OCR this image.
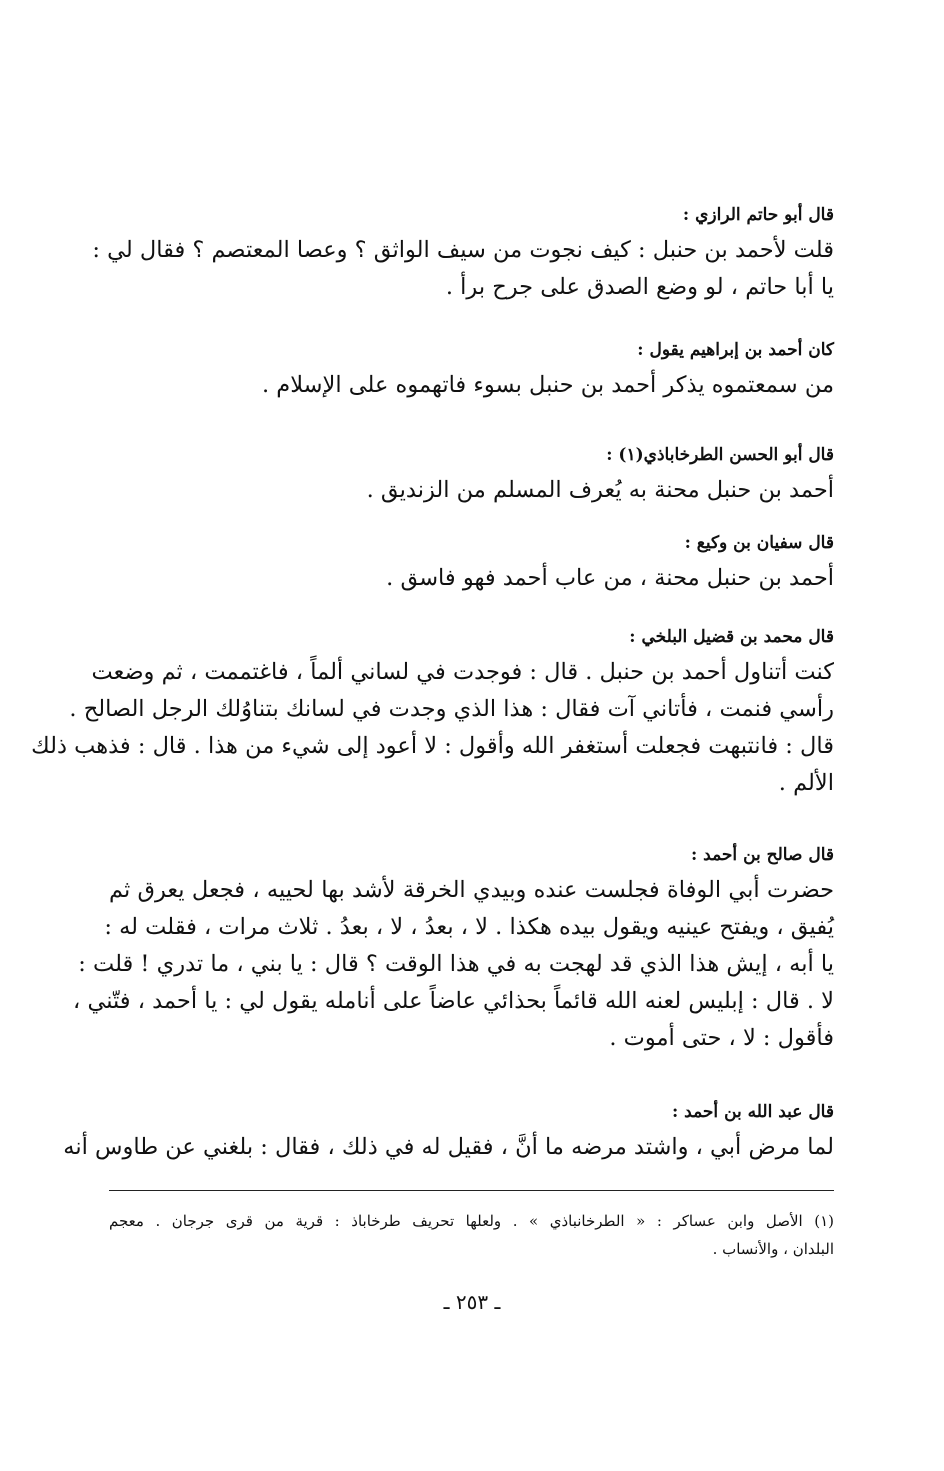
قال أبو حاتم الرازي :
قلت لأحمد بن حنبل : كيف نجوت من سيف الواثق ؟ وعصا المعتصم ؟ فقال لي :
يا أبا حاتم ، لو وضع الصدق على جرح برأ .
كان أحمد بن إبراهيم يقول :
من سمعتموه يذكر أحمد بن حنبل بسوء فاتهموه على الإسلام .
قال أبو الحسن الطرخاباذي(١) :
أحمد بن حنبل محنة به يُعرف المسلم من الزنديق .
قال سفيان بن وكيع :
أحمد بن حنبل محنة ، من عاب أحمد فهو فاسق .
قال محمد بن قضيل البلخي :
كنت أتناول أحمد بن حنبل . قال : فوجدت في لساني ألماً ، فاغتممت ، ثم وضعت
رأسي فنمت ، فأتاني آت فقال : هذا الذي وجدت في لسانك بتناوُلك الرجل الصالح .
قال : فانتبهت فجعلت أستغفر الله وأقول : لا أعود إلى شيء من هذا . قال : فذهب ذلك
الألم .
قال صالح بن أحمد :
حضرت أبي الوفاة فجلست عنده وبيدي الخرقة لأشد بها لحييه ، فجعل يعرق ثم
يُفيق ، ويفتح عينيه ويقول بيده هكذا . لا ، بعدُ ، لا ، بعدُ . ثلاث مرات ، فقلت له :
يا أبه ، إيش هذا الذي قد لهجت به في هذا الوقت ؟ قال : يا بني ، ما تدري ! قلت :
لا . قال : إبليس لعنه الله قائماً بحذائي عاضاً على أنامله يقول لي : يا أحمد ، فتّني ،
فأقول : لا ، حتى أموت .
قال عبد الله بن أحمد :
لما مرض أبي ، واشتد مرضه ما أنَّ ، فقيل له في ذلك ، فقال : بلغني عن طاوس أنه
(١) الأصل وابن عساكر : « الطرخانباذي » . ولعلها تحريف طرخاباذ : قرية من قرى جرجان . معجم
البلدان ، والأنساب .
ـ ٢٥٣ ـ
